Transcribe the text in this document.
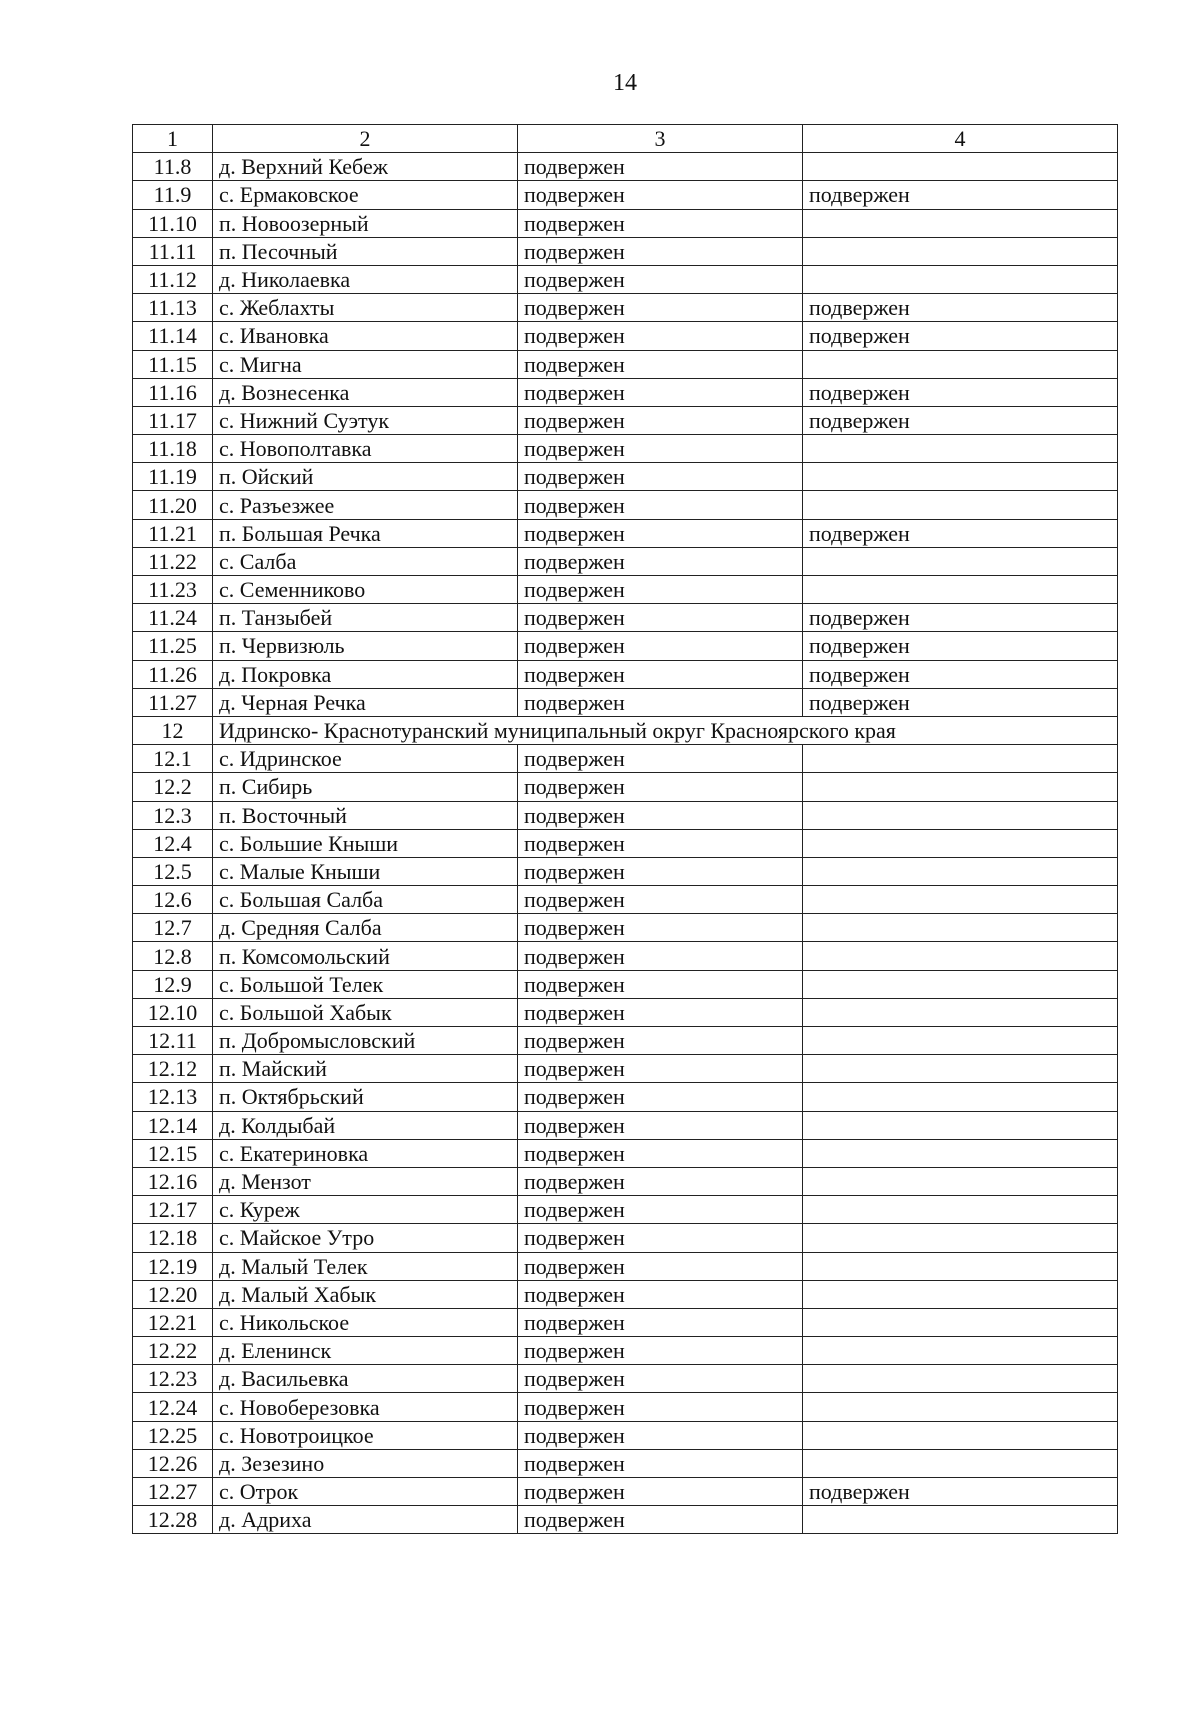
14
1	2	3	4
11.8	д. Верхний Кебеж	подвержен	
11.9	с. Ермаковское	подвержен	подвержен
11.10	п. Новоозерный	подвержен	
11.11	п. Песочный	подвержен	
11.12	д. Николаевка	подвержен	
11.13	с. Жеблахты	подвержен	подвержен
11.14	с. Ивановка	подвержен	подвержен
11.15	с. Мигна	подвержен	
11.16	д. Вознесенка	подвержен	подвержен
11.17	с. Нижний Суэтук	подвержен	подвержен
11.18	с. Новополтавка	подвержен	
11.19	п. Ойский	подвержен	
11.20	с. Разъезжее	подвержен	
11.21	п. Большая Речка	подвержен	подвержен
11.22	с. Салба	подвержен	
11.23	с. Семенниково	подвержен	
11.24	п. Танзыбей	подвержен	подвержен
11.25	п. Червизюль	подвержен	подвержен
11.26	д. Покровка	подвержен	подвержен
11.27	д. Черная Речка	подвержен	подвержен
12	Идринско- Краснотуранский муниципальный округ Красноярского края		
12.1	с. Идринское	подвержен	
12.2	п. Сибирь	подвержен	
12.3	п. Восточный	подвержен	
12.4	с. Большие Кныши	подвержен	
12.5	с. Малые Кныши	подвержен	
12.6	с. Большая Салба	подвержен	
12.7	д. Средняя Салба	подвержен	
12.8	п. Комсомольский	подвержен	
12.9	с. Большой Телек	подвержен	
12.10	с. Большой Хабык	подвержен	
12.11	п. Добромысловский	подвержен	
12.12	п. Майский	подвержен	
12.13	п. Октябрьский	подвержен	
12.14	д. Колдыбай	подвержен	
12.15	с. Екатериновка	подвержен	
12.16	д. Мензот	подвержен	
12.17	с. Куреж	подвержен	
12.18	с. Майское Утро	подвержен	
12.19	д. Малый Телек	подвержен	
12.20	д. Малый Хабык	подвержен	
12.21	с. Никольское	подвержен	
12.22	д. Еленинск	подвержен	
12.23	д. Васильевка	подвержен	
12.24	с. Новоберезовка	подвержен	
12.25	с. Новотроицкое	подвержен	
12.26	д. Зезезино	подвержен	
12.27	с. Отрок	подвержен	подвержен
12.28	д. Адриха	подвержен	
